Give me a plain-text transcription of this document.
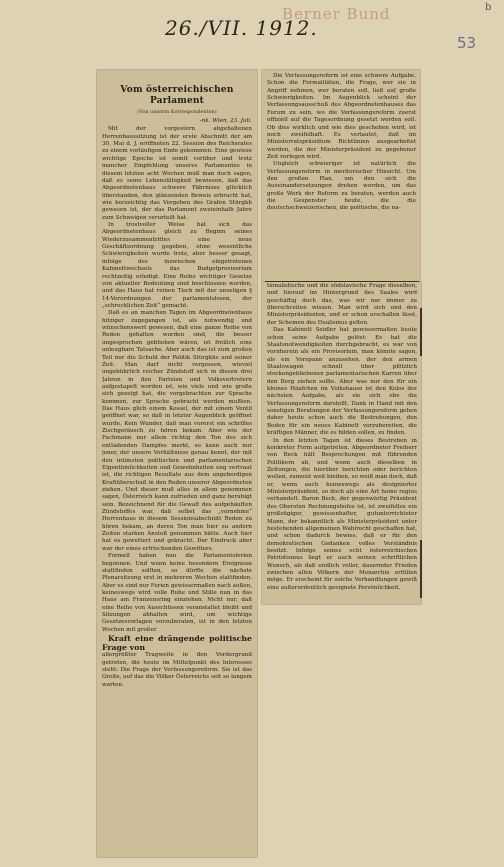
26./VII. 1912.
Berner Bund
53
b
Vom österreichischen Parlament
(Von unserm Korrespondenten)
-nk. Wien, 23. Juli.

Mit der vorgestern abgehaltenen Herrenhaussitzung ist der erste Abschnitt der am 30. Mai d. J. eröffneten 22. Session des Reichsrates zu einem vorläufigen Ende gekommen. Eine gewisse wichtige Epoche ist somit vorüber und trotz mancher Empfehlung unseres Parlamentes in diesem letzten acht Wochen muß man doch sagen, daß es seine Lebensfähigkeit bewiesen, daß das Abgeordnetenhaus schwere Fährnisse glücklich überstanden, den glänzenden Beweis erbracht hat, wie kurzsichtig das Vorgehen des Grafen Stürgkh gewesen ist, der das Parlament zweieinhalb Jahre zum Schweigen verurteilt hat.

In trostvoller Weise hat sich das Abgeordnetenhaus gleich zu Beginn seines Wiederzusammentrittes eine neue Geschäftsordnung gegeben, ohne wesentliche Schwierigkeiten wurde trotz, aber besser gesagt, infolge des inzwischen eingetretenen Kabinettwechsels das Budgetprovisorium rechtzeitig erledigt. Eine Reihe wichtiger Gesetze von aktueller Bedeutung sind beschlossen worden, und das Haus hat reinen Tisch mit der unseligen § 14-Verordnungen der parlamentslosen, der „schrecklichen Zeit“ gemacht.

Daß es an manchen Tagen im Abgeordnetenhaus hitziger zugegangen ist, als notwendig und wünschenswert gewesen, daß eine ganze Reihe von Reden gehalten worden sind, die besser ungesprochen geblieben wären, ist freilich eine unleugbare Tatsache. Aber auch das ist zum großen Teil nur die Schuld der Politik Stürgkhs und seiner Zeit. Man darf nicht vergessen, wieviel ungebührlich reicher Zündstoff sich in diesen drei Jahren in den Parteien und Volksvertretern aufgestapelt worden ist, wie viele und wie große sich gezeigt hat, die vorgebrachten zur Sprache kommen, zur Sprache gebracht werden mußten. Das Haus glich einem Kessel, der mit einem Ventil geöffnet war, so daß in letzter Augenblick geöffnet wurde. Kein Wunder, daß man vorerst ein schrilles Zischgeräusch zu hören bekam. Aber wie der Fachmann nur allein richtig den Ton des sich entladenden Dampfes merkt, so kann auch nur jener, der unsere Verhältnisse genau kennt, der mit den intimsten politischen und parlamentarischen Eigentümlichkeiten und Gewohnheiten eng vertraut ist, die richtigen Resultate aus dem ungeberdigen Kraftüberschuß in den Reden unserer Abgeordneten ziehen. Und dieser muß alles in allem genommen sagen, Österreich kann zufrieden und ganz beruhigt sein. Bezeichnend für die Gewalt des aufgehäuften Zündstoffes war, daß selbst das „vornehme“ Herrenhaus in diesem Sessionsabschnitt Reden zu hören bekam, an deren Ton man hier zu andern Zeiten starken Anstoß genommen hätte. Auch hier hat es gewettert und gekracht. Der Eindruck aber war der eines erfrischenden Gewitters.

Formell haben nun die Parlamentsferien begonnen. Und wenn keine besondern Ereignisse stattfinden sollten, so dürfte die nächste Plenarsitzung erst in mehreren Wochen stattfinden. Aber es sind nur Ferien gewissermaßen nach außen, keineswegs wird volle Ruhe und Stille nun in das Haus am Franzensring einziehen. Nicht nur, daß eine Reihe von Ausschüssen veranstaltet bleibt und Sitzungen abhalten wird, um wichtige Gesetzesvorlagen vorzuberaten, ist in den letzten Wochen mit großer

Kraft eine drängende politische Frage von

allergrößter Tragweite in den Vordergrund getreten, die heute im Mittelpunkt des Interesses steht: Die Frage der Verfassungsreform. Sie ist das Große, auf das die Völker Österreichs seit so langem warten.

Die Verfassungsreform ist eine schwere Aufgabe. Schon die Formalitäten, die Frage, wer sie in Angriff nehmen, wer beraten soll, ließ auf große Schwierigkeiten. Im Augenblick scheint der Verfassungsausschuß des Abgeordnetenhauses das Forum zu sein, wo die Verfassungsreform zuerst offiziell auf die Tagesordnung gesetzt werden soll. Ob dies wirklich und wie dies geschehen wird, ist noch zweifelhaft. Es verlautet, daß im Ministerratspräsidium Richtlinien ausgearbeitet werden, die der Ministerpräsident zu gegebener Zeit vorlegen wird.

Ungleich schwieriger ist natürlich die Verfassungsreform in meritorischer Hinsicht. Um den großen Plan, um den sich die Auseinandersetzungen drehen werden, um das große Werk der Reform zu beraten, werden auch die Gespenster heute, die die deutschschweizerischen, die politische, die na-

tionalistische und die südslavische Frage dieselben, und hierauf im Hintergrund des Saales wird geschäftig doch das, was wir nur immer zu überschreiten wissen. Man wird sich und den Ministerpräsidenten, und er schon erschallen lässt, der Schemen des Dualismus gelten.

Das Kabinett Seidler hat gewissermaßen heute schon seine Aufgabe gelöst: Es hat die Staatsnotwendigkeiten durchgebracht, es war von vornherein als ein Provisorium, man könnte sagen, als ein Vorspann anzusehen, der den armen Staatswagen schnell über plötzlich stockengebliebenen parlamentarischen Karren über den Berg ziehen sollte. Aber was nur den für ein kleines Häufchen im Volkshause ist den Kolos der nächsten Aufgabe, als sie sich ebe die Verfassungsreform darstellt. Dank in Hand mit den sonstigen Beratungen der Verfassungsreform gehen daher heute schon auch die Bestrebungen, den Boden für ein neues Kabinett vorzubereiten, die kräftigen Männer, die es bilden sollen, zu finden.

In den letzten Tagen ist dieses Bestreben in konkreter Form aufgetreten. Abgeordneter Freiherr von Beck hält Besprechungen mit führenden Politikern ab, und wenn auch dieselben in Zeitungen, die hierüber berichten oder berichten wollen, zumeist weit bleiben, so weiß man doch, daß er, wenn auch keineswegs als designierter Ministerpräsident, so doch als eine Art homo regius verhandelt. Baron Beck, der gegenwärtig Präsident des Obersten Rechnungshofes ist, ist zweifellos ein großzügiger, gewissenhafter, gutunterrichteter Mann, der bekanntlich als Ministerpräsident unter bestehenden allgemeinen Wahlrecht geschaffen hat, und schon dadurch bewies, daß er für den demokratischen Gedanken volles Verständnis besitzt. Infolge seines echt österreichischen Patriotismus liegt er auch seinen schriftlichen Wunsch, als daß endlich voller, dauernder Frieden zwischen allen Völkern der Monarchie erfüllen möge. Er erscheint für solche Verhandlungen gewiß eine außerordentlich geeignete Persönlichkeit.
